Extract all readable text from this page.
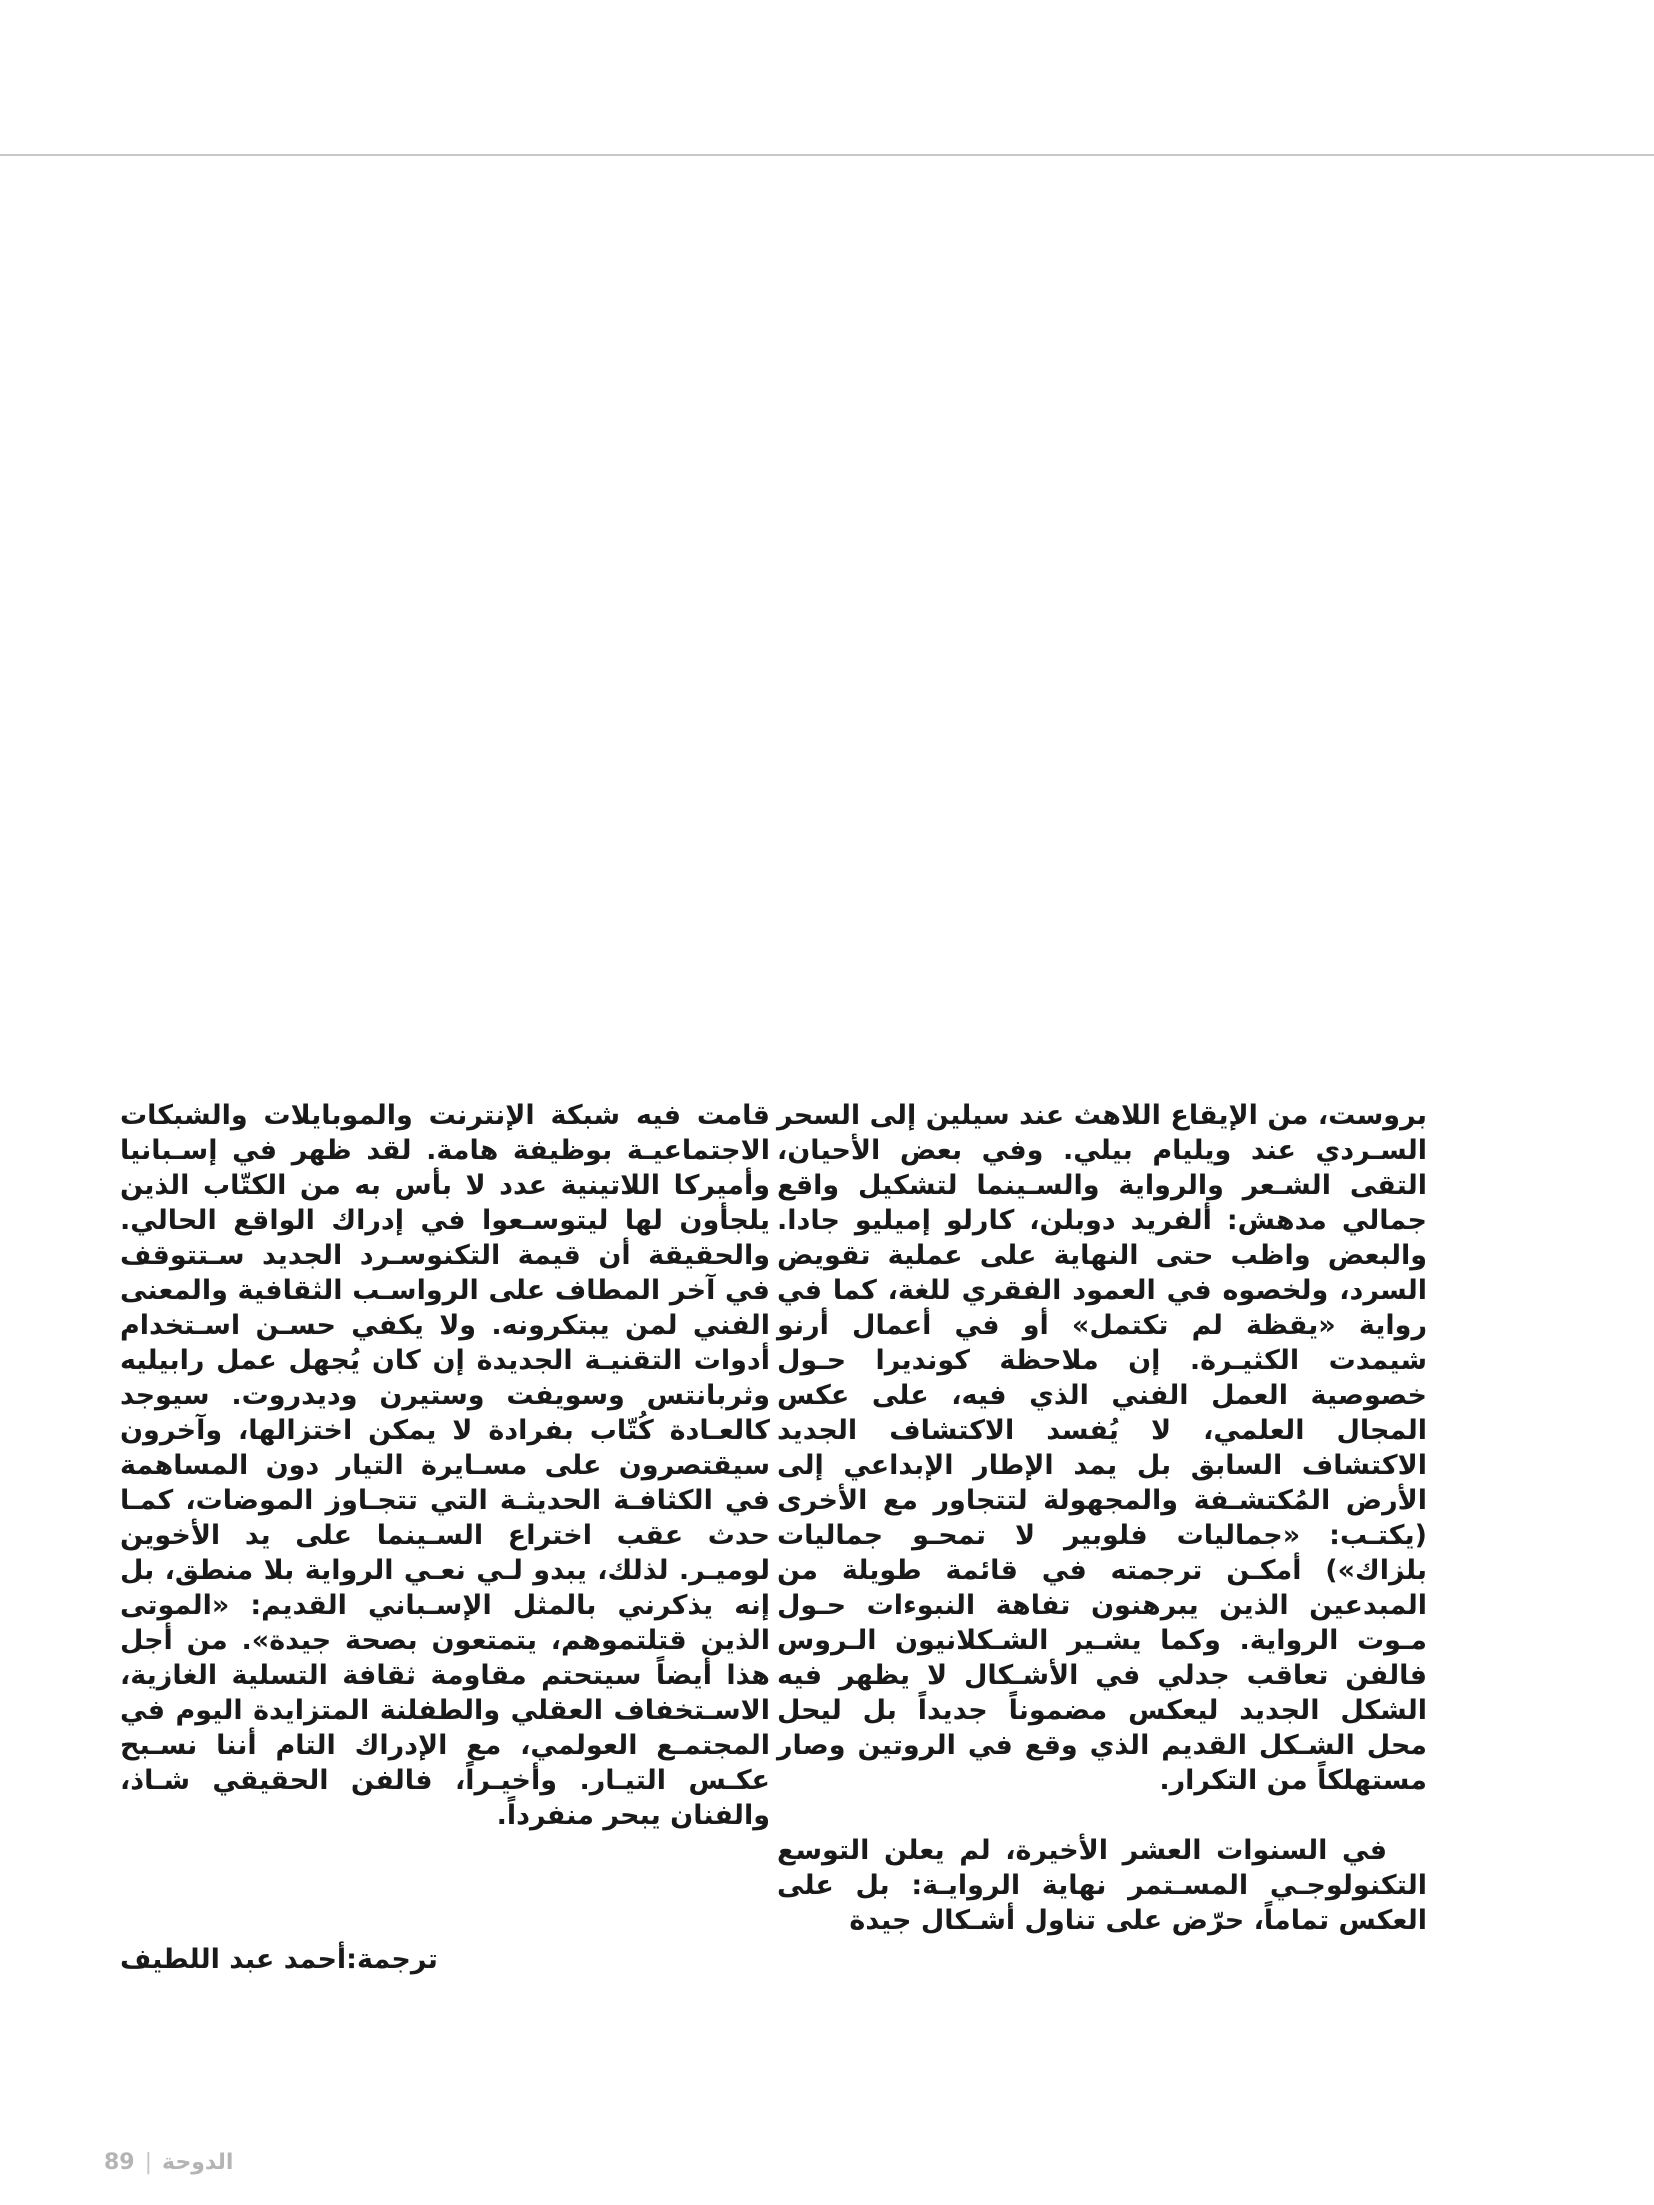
بروست، من الإيقاع اللاهث عند سيلين إلى السحر السـردي عند ويليام بيلي. وفي بعض الأحيان، التقى الشـعر والرواية والسـينما لتشكيل واقع جمالي مدهش: ألفريد دوبلن، كارلو إميليو جادا. والبعض واظب حتى النهاية على عملية تقويض السرد، ولخصوه في العمود الفقري للغة، كما في رواية «يقظة لم تكتمل» أو في أعمال أرنو شيمدت الكثيـرة. إن ملاحظة كونديرا حـول خصوصية العمل الفني الذي فيه، على عكس المجال العلمي، لا يُفسد الاكتشاف الجديد الاكتشاف السابق بل يمد الإطار الإبداعي إلى الأرض المُكتشـفة والمجهولة لتتجاور مع الأخرى (يكتـب: «جماليات فلوبير لا تمحـو جماليات بلزاك») أمكـن ترجمته في قائمة طويلة من المبدعين الذين يبرهنون تفاهة النبوءات حـول مـوت الرواية. وكما يشـير الشـكلانيون الـروس فالفن تعاقب جدلي في الأشـكال لا يظهر فيه الشكل الجديد ليعكس مضموناً جديداً بل ليحل محل الشـكل القديم الذي وقع في الروتين وصار مستهلكاً من التكرار.

في السنوات العشر الأخيرة، لم يعلن التوسع التكنولوجـي المسـتمر نهاية الروايـة: بل على العكس تماماً، حرّض على تناول أشـكال جيدة

قامت فيه شبكة الإنترنت والموبايلات والشبكات الاجتماعيـة بوظيفة هامة. لقد ظهر في إسـبانيا وأميركا اللاتينية عدد لا بأس به من الكتّاب الذين يلجأون لها ليتوسـعوا في إدراك الواقع الحالي. والحقيقة أن قيمة التكنوسـرد الجديد سـتتوقف في آخر المطاف على الرواسـب الثقافية والمعنى الفني لمن يبتكرونه. ولا يكفي حسـن اسـتخدام أدوات التقنيـة الجديدة إن كان يُجهل عمل رابيليه وثربانتس وسويفت وستيرن وديدروت. سيوجد كالعـادة كُتّاب بفرادة لا يمكن اختزالها، وآخرون سيقتصرون على مسـايرة التيار دون المساهمة في الكثافـة الحديثـة التي تتجـاوز الموضات، كمـا حدث عقب اختراع السـينما على يد الأخوين لوميـر. لذلك، يبدو لـي نعـي الرواية بلا منطق، بل إنه يذكرني بالمثل الإسـباني القديم: «الموتى الذين قتلتموهم، يتمتعون بصحة جيدة». من أجل هذا أيضاً سيتحتم مقاومة ثقافة التسلية الغازية، الاسـتخفاف العقلي والطفلنة المتزايدة اليوم في المجتمـع العولمي، مع الإدراك التام أننا نسـبح عكـس التيـار. وأخيـراً، فالفن الحقيقي شـاذ، والفنان يبحر منفرداً.

ترجمة:أحمد عبد اللطيف
89 | الدوحة
